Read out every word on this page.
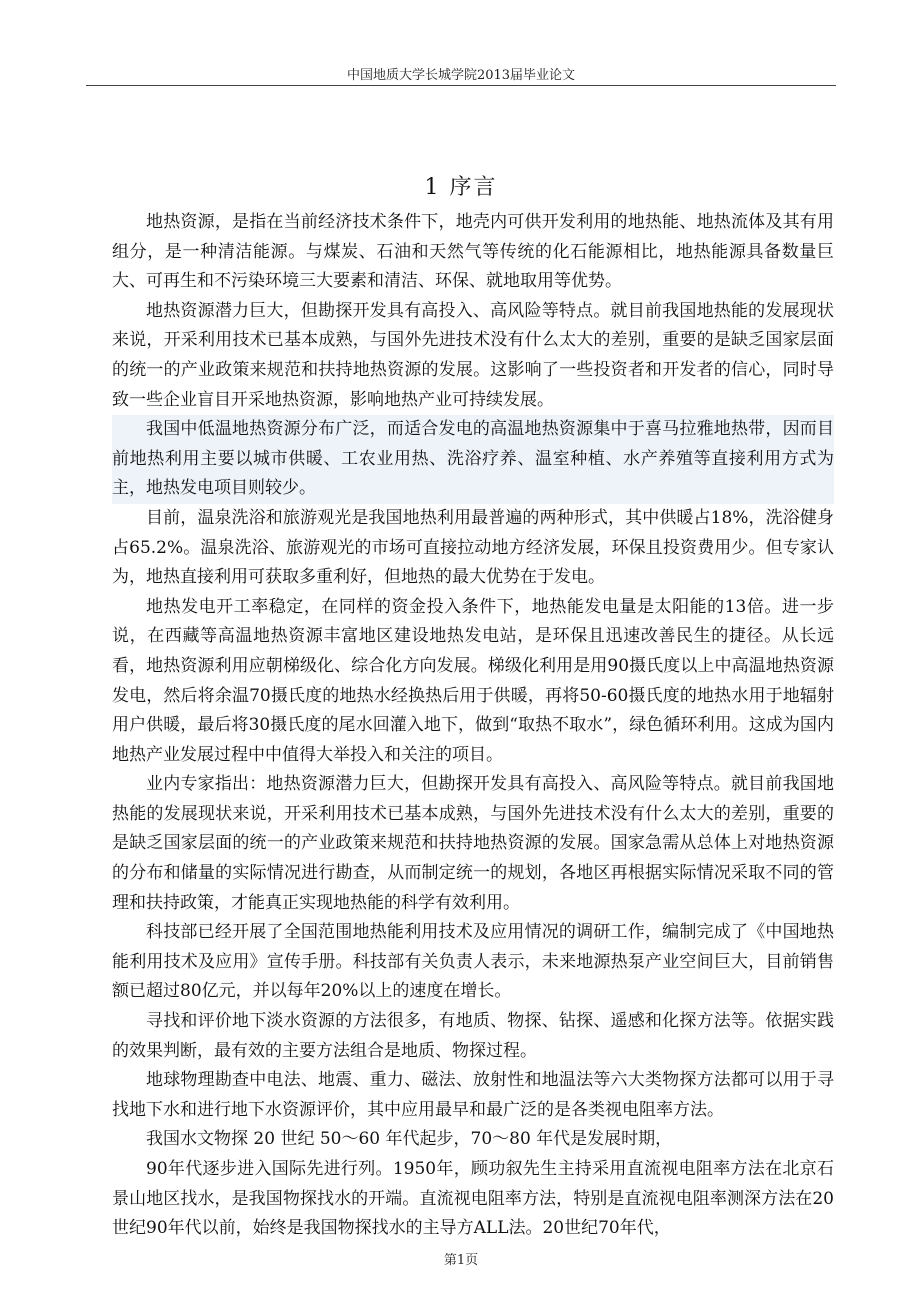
中国地质大学长城学院2013届毕业论文
1 序言

地热资源，是指在当前经济技术条件下，地壳内可供开发利用的地热能、地热流体及其有用组分，是一种清洁能源。与煤炭、石油和天然气等传统的化石能源相比，地热能源具备数量巨大、可再生和不污染环境三大要素和清洁、环保、就地取用等优势。

地热资源潜力巨大，但勘探开发具有高投入、高风险等特点。就目前我国地热能的发展现状来说，开采利用技术已基本成熟，与国外先进技术没有什么太大的差别，重要的是缺乏国家层面的统一的产业政策来规范和扶持地热资源的发展。这影响了一些投资者和开发者的信心，同时导致一些企业盲目开采地热资源，影响地热产业可持续发展。

我国中低温地热资源分布广泛，而适合发电的高温地热资源集中于喜马拉雅地热带，因而目前地热利用主要以城市供暖、工农业用热、洗浴疗养、温室种植、水产养殖等直接利用方式为主，地热发电项目则较少。

目前，温泉洗浴和旅游观光是我国地热利用最普遍的两种形式，其中供暖占18%，洗浴健身占65.2%。温泉洗浴、旅游观光的市场可直接拉动地方经济发展，环保且投资费用少。但专家认为，地热直接利用可获取多重利好，但地热的最大优势在于发电。

地热发电开工率稳定，在同样的资金投入条件下，地热能发电量是太阳能的13倍。进一步说，在西藏等高温地热资源丰富地区建设地热发电站，是环保且迅速改善民生的捷径。从长远看，地热资源利用应朝梯级化、综合化方向发展。梯级化利用是用90摄氏度以上中高温地热资源发电，然后将余温70摄氏度的地热水经换热后用于供暖，再将50-60摄氏度的地热水用于地辐射用户供暖，最后将30摄氏度的尾水回灌入地下，做到“取热不取水”，绿色循环利用。这成为国内地热产业发展过程中中值得大举投入和关注的项目。

业内专家指出：地热资源潜力巨大，但勘探开发具有高投入、高风险等特点。就目前我国地热能的发展现状来说，开采利用技术已基本成熟，与国外先进技术没有什么太大的差别，重要的是缺乏国家层面的统一的产业政策来规范和扶持地热资源的发展。国家急需从总体上对地热资源的分布和储量的实际情况进行勘查，从而制定统一的规划，各地区再根据实际情况采取不同的管理和扶持政策，才能真正实现地热能的科学有效利用。

科技部已经开展了全国范围地热能利用技术及应用情况的调研工作，编制完成了《中国地热能利用技术及应用》宣传手册。科技部有关负责人表示，未来地源热泵产业空间巨大，目前销售额已超过80亿元，并以每年20%以上的速度在增长。

寻找和评价地下淡水资源的方法很多，有地质、物探、钻探、遥感和化探方法等。依据实践的效果判断，最有效的主要方法组合是地质、物探过程。

地球物理勘查中电法、地震、重力、磁法、放射性和地温法等六大类物探方法都可以用于寻找地下水和进行地下水资源评价，其中应用最早和最广泛的是各类视电阻率方法。

我国水文物探 20 世纪 50～60 年代起步，70～80 年代是发展时期，

90年代逐步进入国际先进行列。1950年，顾功叙先生主持采用直流视电阻率方法在北京石景山地区找水，是我国物探找水的开端。直流视电阻率方法，特别是直流视电阻率测深方法在20世纪90年代以前，始终是我国物探找水的主导方ALL法。20世纪70年代，

第1页
